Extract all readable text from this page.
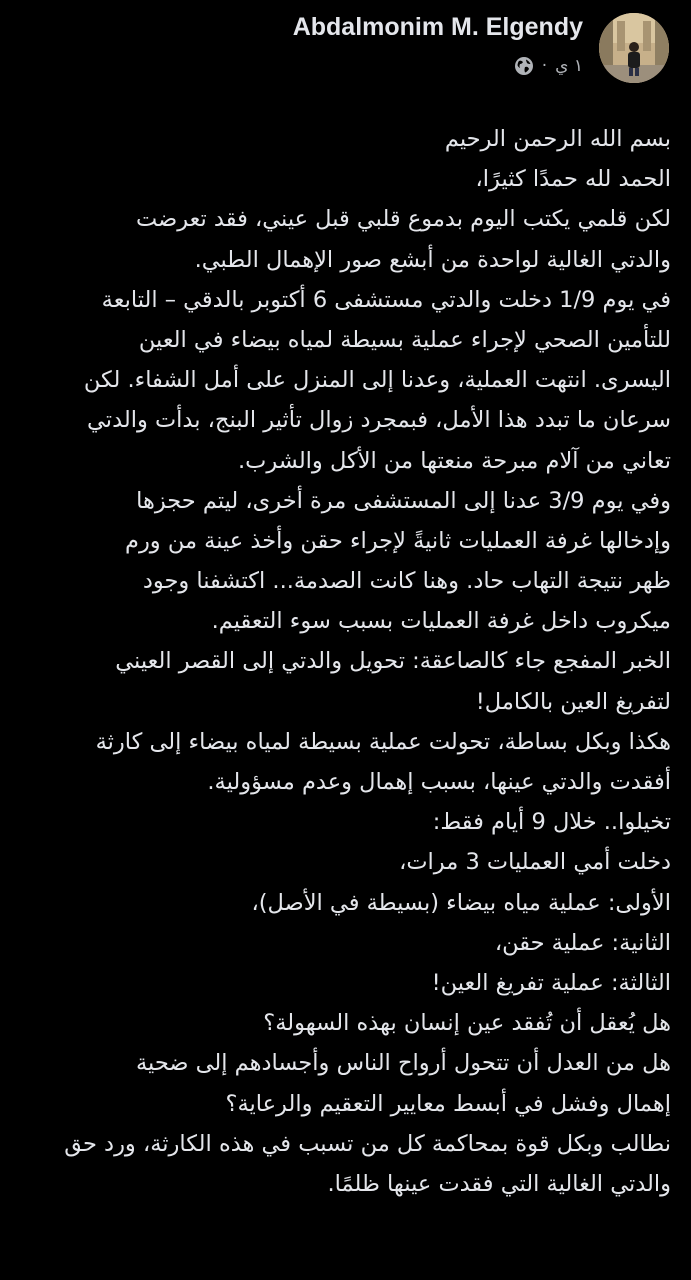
Abdalmonim M. Elgendy
· ١ ي
بسم الله الرحمن الرحيم
الحمد لله حمدًا كثيرًا،
لكن قلمي يكتب اليوم بدموع قلبي قبل عيني، فقد تعرضت
والدتي الغالية لواحدة من أبشع صور الإهمال الطبي.
في يوم 1/9 دخلت والدتي مستشفى 6 أكتوبر بالدقي – التابعة
للتأمين الصحي لإجراء عملية بسيطة لمياه بيضاء في العين
اليسرى. انتهت العملية، وعدنا إلى المنزل على أمل الشفاء. لكن
سرعان ما تبدد هذا الأمل، فبمجرد زوال تأثير البنج، بدأت والدتي
تعاني من آلام مبرحة منعتها من الأكل والشرب.
وفي يوم 3/9 عدنا إلى المستشفى مرة أخرى، ليتم حجزها
وإدخالها غرفة العمليات ثانيةً لإجراء حقن وأخذ عينة من ورم
ظهر نتيجة التهاب حاد. وهنا كانت الصدمة... اكتشفنا وجود
ميكروب داخل غرفة العمليات بسبب سوء التعقيم.
الخبر المفجع جاء كالصاعقة: تحويل والدتي إلى القصر العيني
لتفريغ العين بالكامل!
هكذا وبكل بساطة، تحولت عملية بسيطة لمياه بيضاء إلى كارثة
أفقدت والدتي عينها، بسبب إهمال وعدم مسؤولية.
تخيلوا.. خلال 9 أيام فقط:
دخلت أمي العمليات 3 مرات،
الأولى: عملية مياه بيضاء (بسيطة في الأصل)،
الثانية: عملية حقن،
الثالثة: عملية تفريغ العين!
هل يُعقل أن تُفقد عين إنسان بهذه السهولة؟
هل من العدل أن تتحول أرواح الناس وأجسادهم إلى ضحية
إهمال وفشل في أبسط معايير التعقيم والرعاية؟
نطالب وبكل قوة بمحاكمة كل من تسبب في هذه الكارثة، ورد حق
والدتي الغالية التي فقدت عينها ظلمًا.
